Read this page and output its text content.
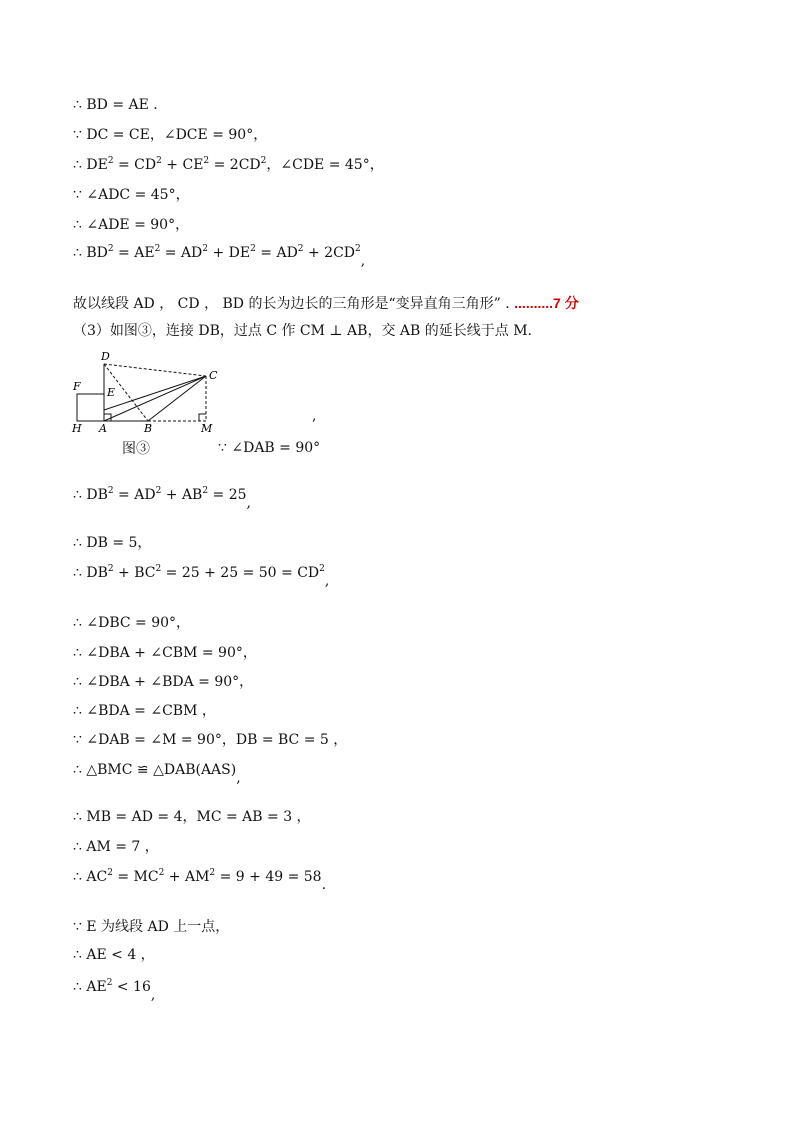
∴ BD = AE .
∵ DC = CE，∠DCE = 90°，
∴ $DE^2 = CD^2 + CE^2 = 2CD^2$，∠CDE = 45°，
∵ ∠ADC = 45°，
∴ ∠ADE = 90°，
∴ $BD^2 = AE^2 = AD^2 + DE^2 = AD^2 + 2CD^2$,
故以线段 AD ， CD ， BD 的长为边长的三角形是“变异直角三角形” . ..........7 分
（3）如图③，连接 DB，过点 C 作 CM ⊥ AB，交 AB 的延长线于点 M.
D
C
F E
H A	B	M
,
图③	∵ ∠DAB = 90°
∴ $DB^2 = AD^2 + AB^2 = 25$,
∴ DB = 5，
∴ $DB^2 + BC^2 = 25 + 25 = 50 = CD^2$,
∴ ∠DBC = 90°，
∴ ∠DBA + ∠CBM = 90°，
∴ ∠DBA + ∠BDA = 90°，
∴ ∠BDA = ∠CBM ，
∵ ∠DAB = ∠M = 90°，DB = BC = 5 ，
∴ △BMC ≌ △DAB(AAS),
∴ MB = AD = 4，MC = AB = 3 ，
∴ AM = 7 ，
∴ $AC^2 = MC^2 + AM^2 = 9 + 49 = 58$.
∵ E 为线段 AD 上一点，
∴ AE < 4 ，
∴ $AE^2 < 16$,
